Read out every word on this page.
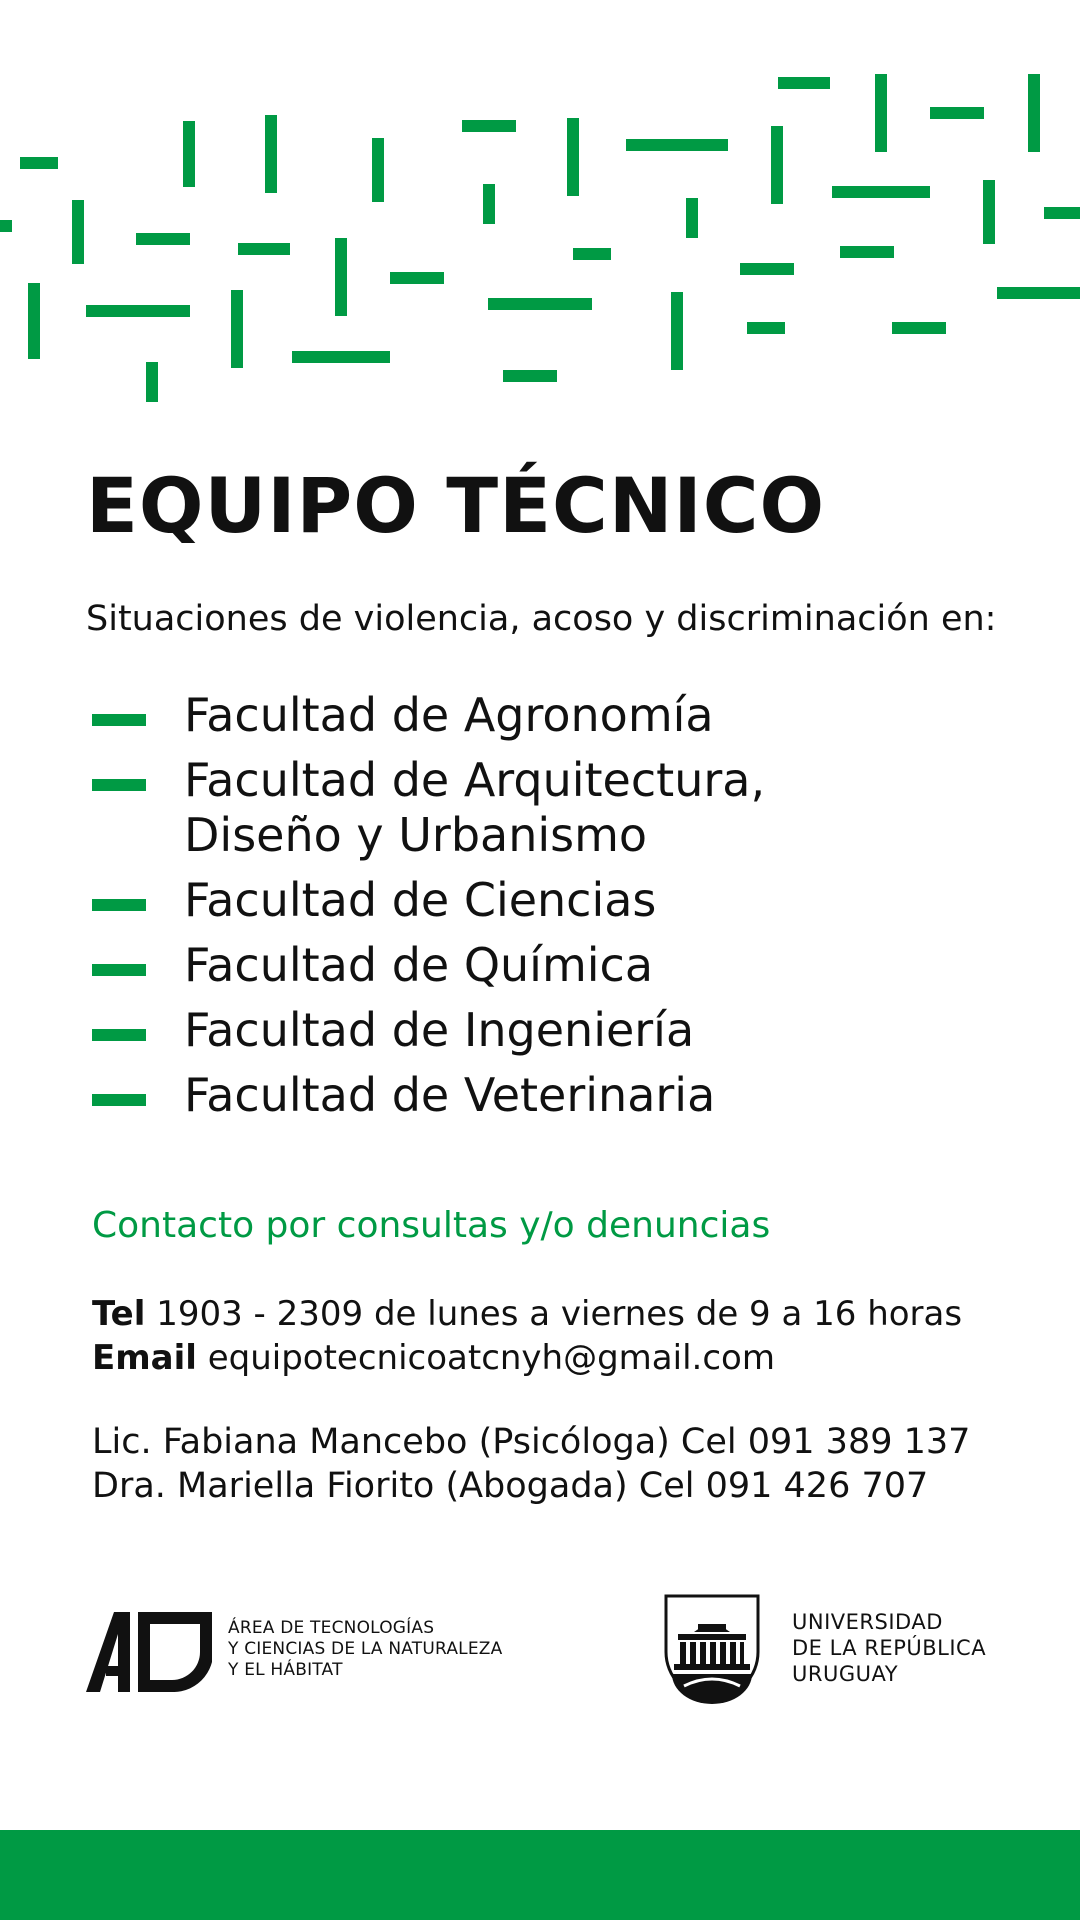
EQUIPO TÉCNICO

Situaciones de violencia, acoso y discriminación en:

Facultad de Agronomía
Facultad de Arquitectura,
Diseño y Urbanismo
Facultad de Ciencias
Facultad de Química
Facultad de Ingeniería
Facultad de Veterinaria
Contacto por consultas y/o denuncias
Tel 1903 - 2309 de lunes a viernes de 9 a 16 horas
Email equipotecnicoatcnyh@gmail.com
Lic. Fabiana Mancebo (Psicóloga) Cel 091 389 137
Dra. Mariella Fiorito (Abogada) Cel 091 426 707
ÁREA DE TECNOLOGÍAS
Y CIENCIAS DE LA NATURALEZA
Y EL HÁBITAT
UNIVERSIDAD
DE LA REPÚBLICA
URUGUAY
